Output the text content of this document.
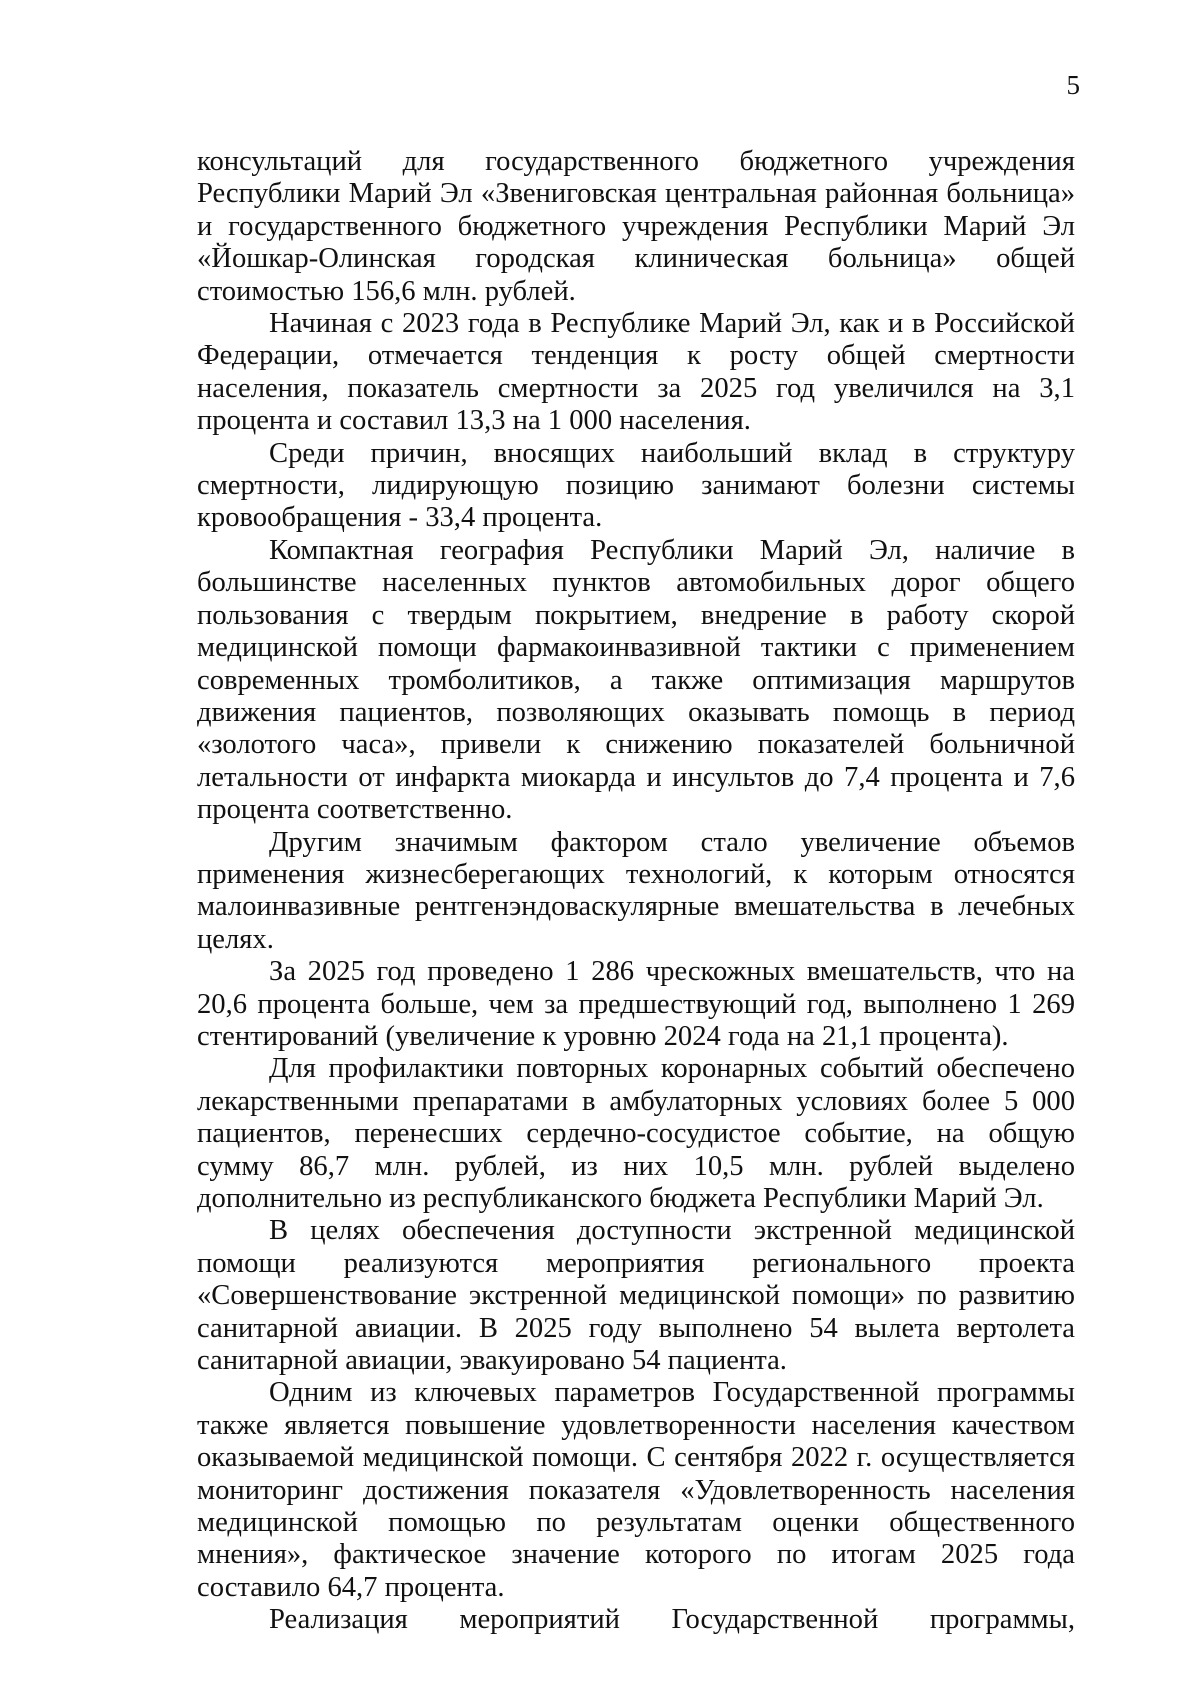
5

консультаций для государственного бюджетного учреждения Республики Марий Эл «Звениговская центральная районная больница» и государственного бюджетного учреждения Республики Марий Эл «Йошкар-Олинская городская клиническая больница» общей стоимостью 156,6 млн. рублей.

Начиная с 2023 года в Республике Марий Эл, как и в Российской Федерации, отмечается тенденция к росту общей смертности населения, показатель смертности за 2025 год увеличился на 3,1 процента и составил 13,3 на 1 000 населения.

Среди причин, вносящих наибольший вклад в структуру смертности, лидирующую позицию занимают болезни системы кровообращения - 33,4 процента.

Компактная география Республики Марий Эл, наличие в большинстве населенных пунктов автомобильных дорог общего пользования с твердым покрытием, внедрение в работу скорой медицинской помощи фармакоинвазивной тактики с применением современных тромболитиков, а также оптимизация маршрутов движения пациентов, позволяющих оказывать помощь в период «золотого часа», привели к снижению показателей больничной летальности от инфаркта миокарда и инсультов до 7,4 процента и 7,6 процента соответственно.

Другим значимым фактором стало увеличение объемов применения жизнесберегающих технологий, к которым относятся малоинвазивные рентгенэндоваскулярные вмешательства в лечебных целях.

За 2025 год проведено 1 286 чрескожных вмешательств, что на 20,6 процента больше, чем за предшествующий год, выполнено 1 269 стентирований (увеличение к уровню 2024 года на 21,1 процента).

Для профилактики повторных коронарных событий обеспечено лекарственными препаратами в амбулаторных условиях более 5 000 пациентов, перенесших сердечно-сосудистое событие, на общую сумму 86,7 млн. рублей, из них 10,5 млн. рублей выделено дополнительно из республиканского бюджета Республики Марий Эл.

В целях обеспечения доступности экстренной медицинской помощи реализуются мероприятия регионального проекта «Совершенствование экстренной медицинской помощи» по развитию санитарной авиации. В 2025 году выполнено 54 вылета вертолета санитарной авиации, эвакуировано 54 пациента.

Одним из ключевых параметров Государственной программы также является повышение удовлетворенности населения качеством оказываемой медицинской помощи. С сентября 2022 г. осуществляется мониторинг достижения показателя «Удовлетворенность населения медицинской помощью по результатам оценки общественного мнения», фактическое значение которого по итогам 2025 года составило 64,7 процента.

Реализация мероприятий Государственной программы,
